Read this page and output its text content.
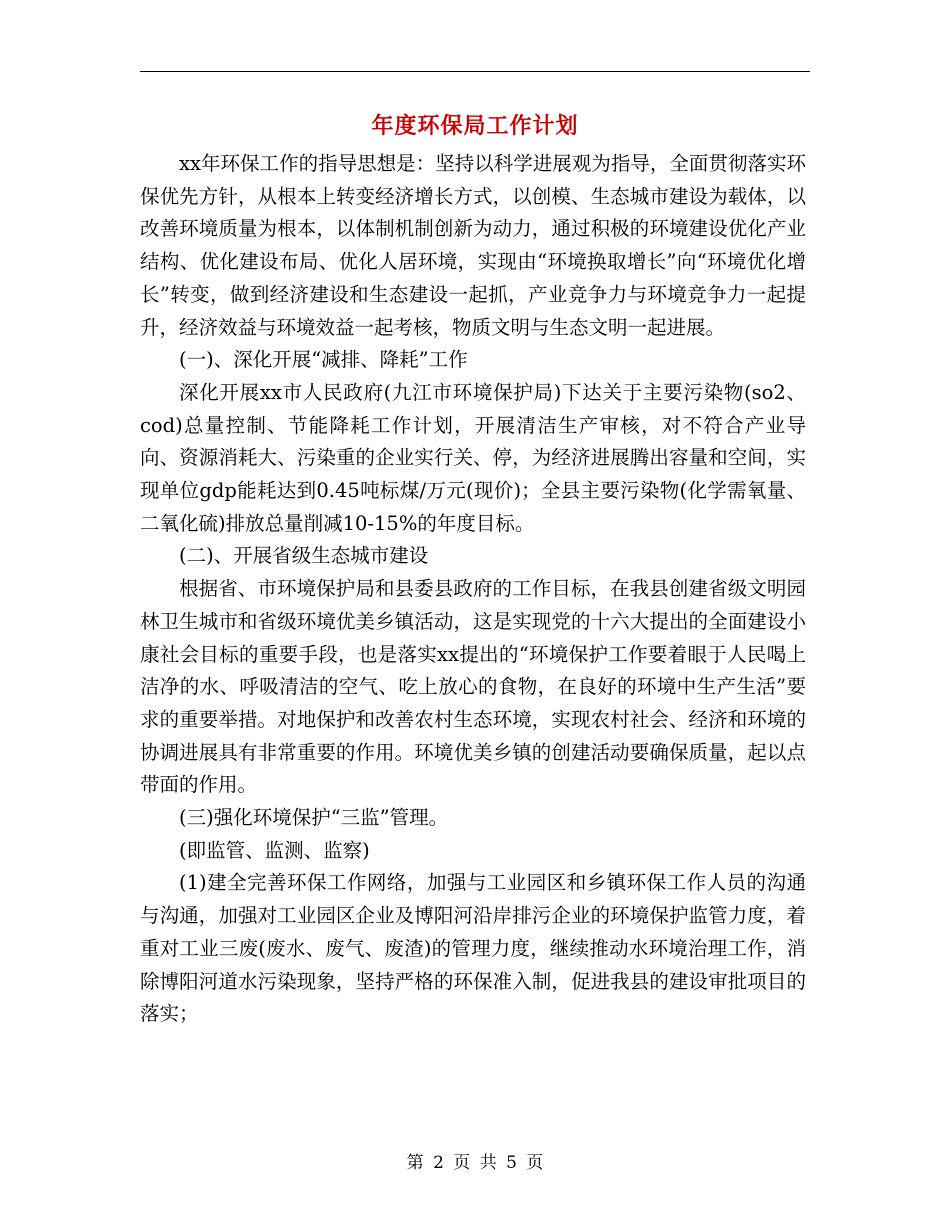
年度环保局工作计划

xx年环保工作的指导思想是：坚持以科学进展观为指导，全面贯彻落实环保优先方针，从根本上转变经济增长方式，以创模、生态城市建设为载体，以改善环境质量为根本，以体制机制创新为动力，通过积极的环境建设优化产业结构、优化建设布局、优化人居环境，实现由“环境换取增长”向“环境优化增长”转变，做到经济建设和生态建设一起抓，产业竞争力与环境竞争力一起提升，经济效益与环境效益一起考核，物质文明与生态文明一起进展。

(一)、深化开展“减排、降耗”工作

深化开展xx市人民政府(九江市环境保护局)下达关于主要污染物(so2、cod)总量控制、节能降耗工作计划，开展清洁生产审核，对不符合产业导向、资源消耗大、污染重的企业实行关、停，为经济进展腾出容量和空间，实现单位gdp能耗达到0.45吨标煤/万元(现价)；全县主要污染物(化学需氧量、二氧化硫)排放总量削减10-15%的年度目标。

(二)、开展省级生态城市建设

根据省、市环境保护局和县委县政府的工作目标，在我县创建省级文明园林卫生城市和省级环境优美乡镇活动，这是实现党的十六大提出的全面建设小康社会目标的重要手段，也是落实xx提出的“环境保护工作要着眼于人民喝上洁净的水、呼吸清洁的空气、吃上放心的食物，在良好的环境中生产生活”要求的重要举措。对地保护和改善农村生态环境，实现农村社会、经济和环境的协调进展具有非常重要的作用。环境优美乡镇的创建活动要确保质量，起以点带面的作用。

(三)强化环境保护“三监”管理。

(即监管、监测、监察)

(1)建全完善环保工作网络，加强与工业园区和乡镇环保工作人员的沟通与沟通，加强对工业园区企业及博阳河沿岸排污企业的环境保护监管力度，着重对工业三废(废水、废气、废渣)的管理力度，继续推动水环境治理工作，消除博阳河道水污染现象，坚持严格的环保准入制，促进我县的建设审批项目的落实；

第 2 页 共 5 页
